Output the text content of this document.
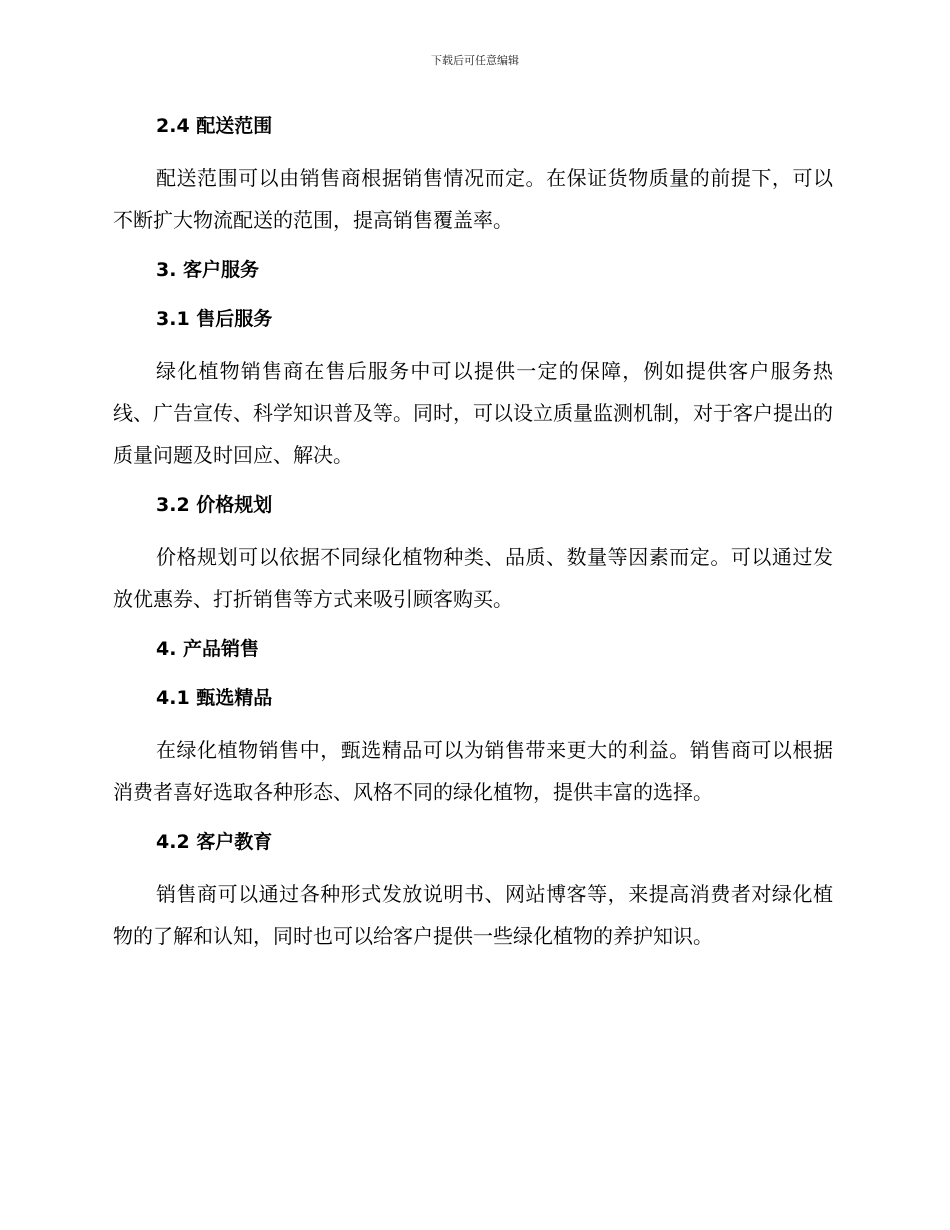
下载后可任意编辑
2.4 配送范围

配送范围可以由销售商根据销售情况而定。在保证货物质量的前提下，可以不断扩大物流配送的范围，提高销售覆盖率。

3. 客户服务
3.1 售后服务

绿化植物销售商在售后服务中可以提供一定的保障，例如提供客户服务热线、广告宣传、科学知识普及等。同时，可以设立质量监测机制，对于客户提出的质量问题及时回应、解决。

3.2 价格规划

价格规划可以依据不同绿化植物种类、品质、数量等因素而定。可以通过发放优惠券、打折销售等方式来吸引顾客购买。

4. 产品销售
4.1 甄选精品

在绿化植物销售中，甄选精品可以为销售带来更大的利益。销售商可以根据消费者喜好选取各种形态、风格不同的绿化植物，提供丰富的选择。

4.2 客户教育

销售商可以通过各种形式发放说明书、网站博客等，来提高消费者对绿化植物的了解和认知，同时也可以给客户提供一些绿化植物的养护知识。
